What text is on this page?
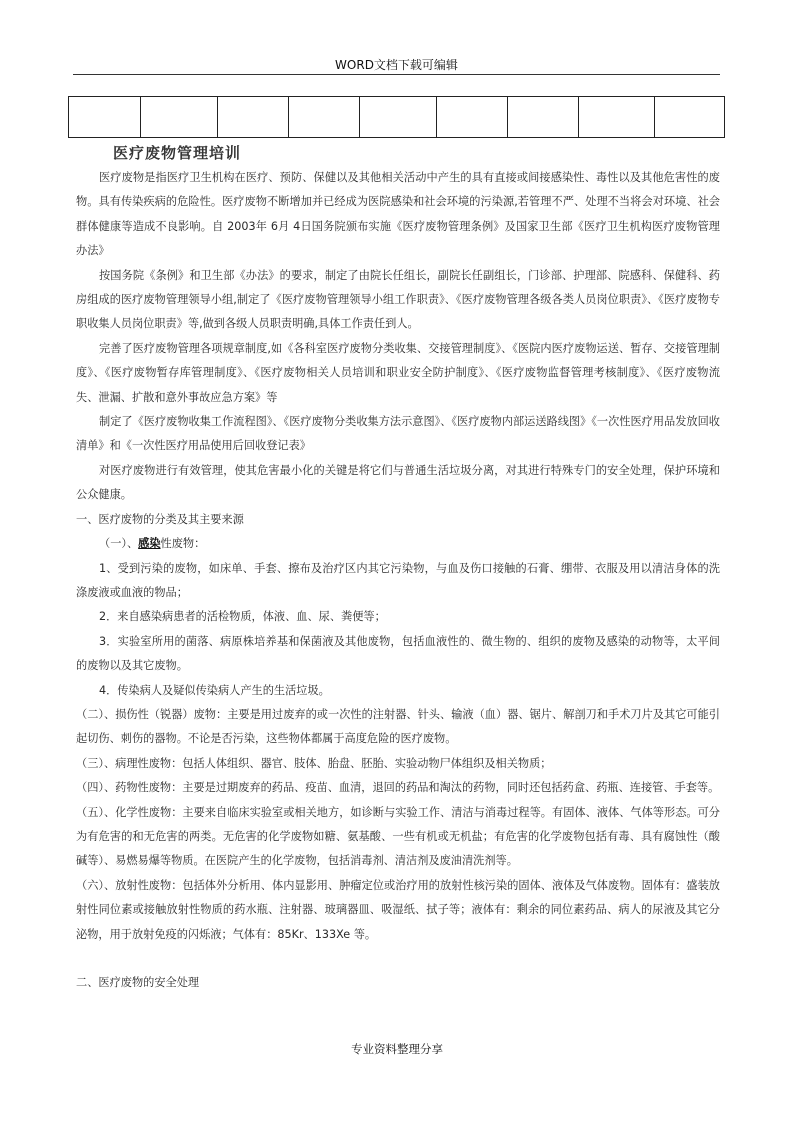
WORD文档下载可编辑

医疗废物管理培训

医疗废物是指医疗卫生机构在医疗、预防、保健以及其他相关活动中产生的具有直接或间接感染性、毒性以及其他危害性的废物。具有传染疾病的危险性。医疗废物不断增加并已经成为医院感染和社会环境的污染源,若管理不严、处理不当将会对环境、社会群体健康等造成不良影响。自 2003年 6月 4日国务院颁布实施《医疗废物管理条例》及国家卫生部《医疗卫生机构医疗废物管理办法》

按国务院《条例》和卫生部《办法》的要求，制定了由院长任组长，副院长任副组长，门诊部、护理部、院感科、保健科、药房组成的医疗废物管理领导小组,制定了《医疗废物管理领导小组工作职责》、《医疗废物管理各级各类人员岗位职责》、《医疗废物专职收集人员岗位职责》等,做到各级人员职责明确,具体工作责任到人。

完善了医疗废物管理各项规章制度,如《各科室医疗废物分类收集、交接管理制度》、《医院内医疗废物运送、暂存、交接管理制度》、《医疗废物暂存库管理制度》、《医疗废物相关人员培训和职业安全防护制度》、《医疗废物监督管理考核制度》、《医疗废物流失、泄漏、扩散和意外事故应急方案》等

制定了《医疗废物收集工作流程图》、《医疗废物分类收集方法示意图》、《医疗废物内部运送路线图》《一次性医疗用品发放回收清单》和《一次性医疗用品使用后回收登记表》

对医疗废物进行有效管理，使其危害最小化的关键是将它们与普通生活垃圾分离，对其进行特殊专门的安全处理，保护环境和公众健康。

一、医疗废物的分类及其主要来源

（一）、感染性废物：

1、受到污染的废物，如床单、手套、擦布及治疗区内其它污染物，与血及伤口接触的石膏、绷带、衣服及用以清洁身体的洗涤废液或血液的物品；

2．来自感染病患者的活检物质，体液、血、尿、粪便等；

3．实验室所用的菌落、病原株培养基和保菌液及其他废物，包括血液性的、微生物的、组织的废物及感染的动物等，太平间的废物以及其它废物。

4．传染病人及疑似传染病人产生的生活垃圾。

（二）、损伤性（锐器）废物：主要是用过废弃的或一次性的注射器、针头、输液（血）器、锯片、解剖刀和手术刀片及其它可能引起切伤、刺伤的器物。不论是否污染，这些物体都属于高度危险的医疗废物。

（三）、病理性废物：包括人体组织、器官、肢体、胎盘、胚胎、实验动物尸体组织及相关物质；

（四）、药物性废物：主要是过期废弃的药品、疫苗、血清，退回的药品和淘汰的药物，同时还包括药盒、药瓶、连接管、手套等。

（五）、化学性废物：主要来自临床实验室或相关地方，如诊断与实验工作、清洁与消毒过程等。有固体、液体、气体等形态。可分为有危害的和无危害的两类。无危害的化学废物如糖、氨基酸、一些有机或无机盐；有危害的化学废物包括有毒、具有腐蚀性（酸碱等）、易燃易爆等物质。在医院产生的化学废物，包括消毒剂、清洁剂及废油清洗剂等。

（六）、放射性废物：包括体外分析用、体内显影用、肿瘤定位或治疗用的放射性核污染的固体、液体及气体废物。固体有：盛装放射性同位素或接触放射性物质的药水瓶、注射器、玻璃器皿、吸湿纸、拭子等；液体有：剩余的同位素药品、病人的尿液及其它分泌物，用于放射免疫的闪烁液；气体有：85Kr、133Xe 等。

二、医疗废物的安全处理

专业资料整理分享
